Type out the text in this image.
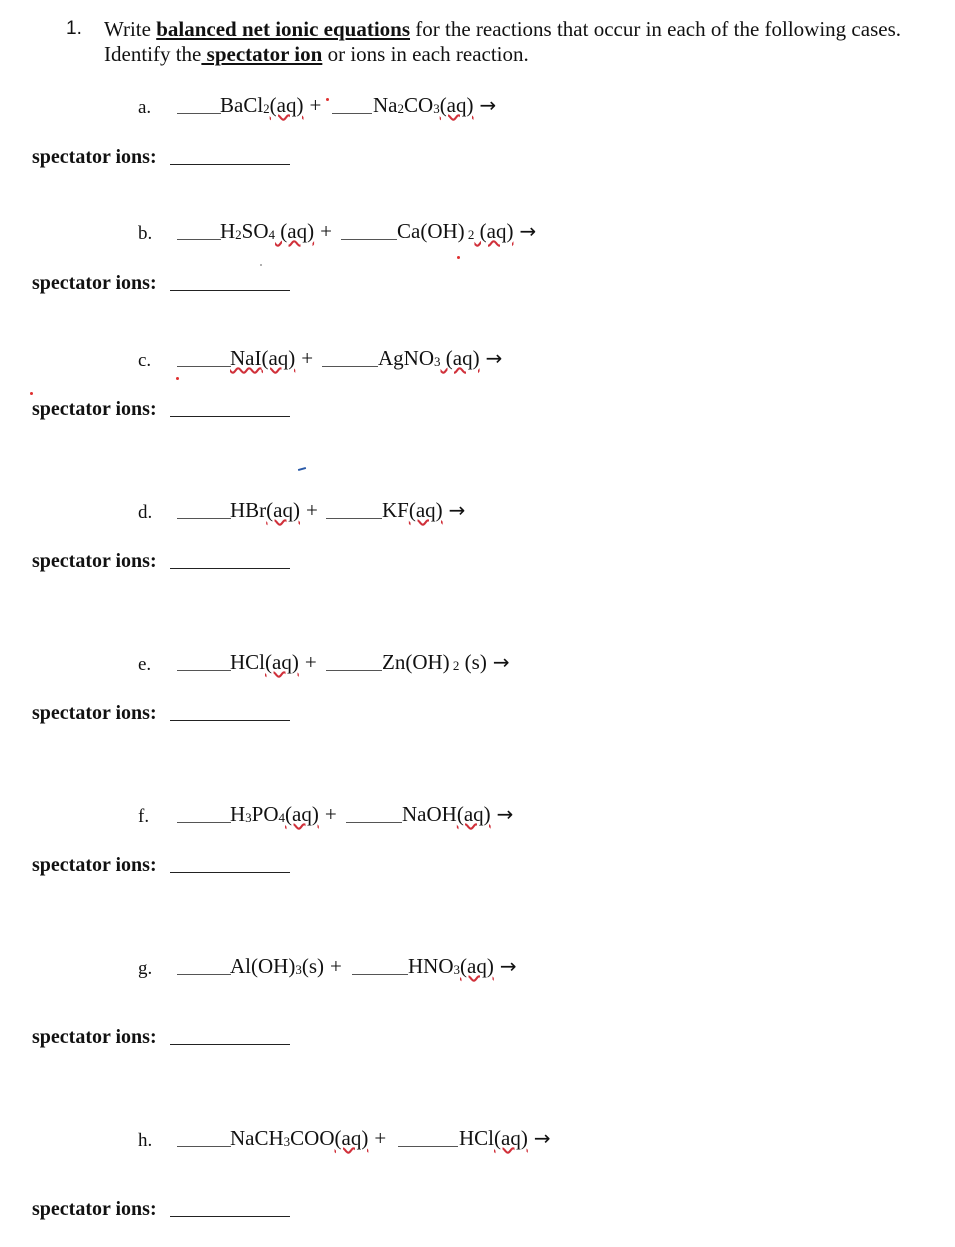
1. Write balanced net ionic equations for the reactions that occur in each of the following cases.
Identify the spectator ion or ions in each reaction.
a.	BaCl2(aq) + Na2CO3(aq) →
spectator ions:
b.	H2SO4 (aq) +	Ca(OH) 2 (aq) →
spectator ions:
c.	NaI(aq) +	AgNO3 (aq) →
spectator ions:
d.	HBr(aq) +	KF(aq) →
spectator ions:
e.	HCl(aq) +	Zn(OH) 2 (s) →
spectator ions:
f.	H3PO4(aq) +	NaOH(aq) →
spectator ions:
g.	Al(OH)3(s) +	HNO3(aq) →
spectator ions:
h.	NaCH3COO(aq) +	HCl(aq) →
spectator ions:
